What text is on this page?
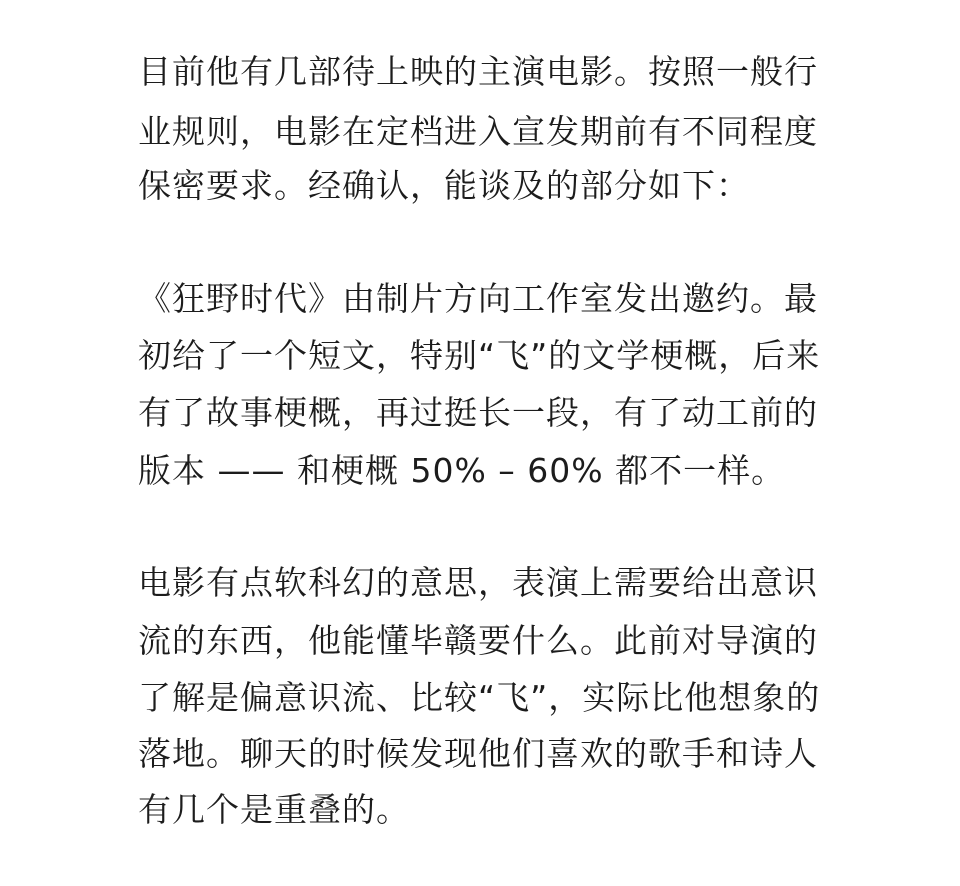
目前他有几部待上映的主演电影。按照一般行

业规则，电影在定档进入宣发期前有不同程度

保密要求。经确认，能谈及的部分如下：

《狂野时代》由制片方向工作室发出邀约。最

初给了一个短文，特别“飞”的文学梗概，后来

有了故事梗概，再过挺长一段，有了动工前的

版本 —— 和梗概 50% – 60% 都不一样。

电影有点软科幻的意思，表演上需要给出意识

流的东西，他能懂毕赣要什么。此前对导演的

了解是偏意识流、比较“飞”，实际比他想象的

落地。聊天的时候发现他们喜欢的歌手和诗人

有几个是重叠的。
